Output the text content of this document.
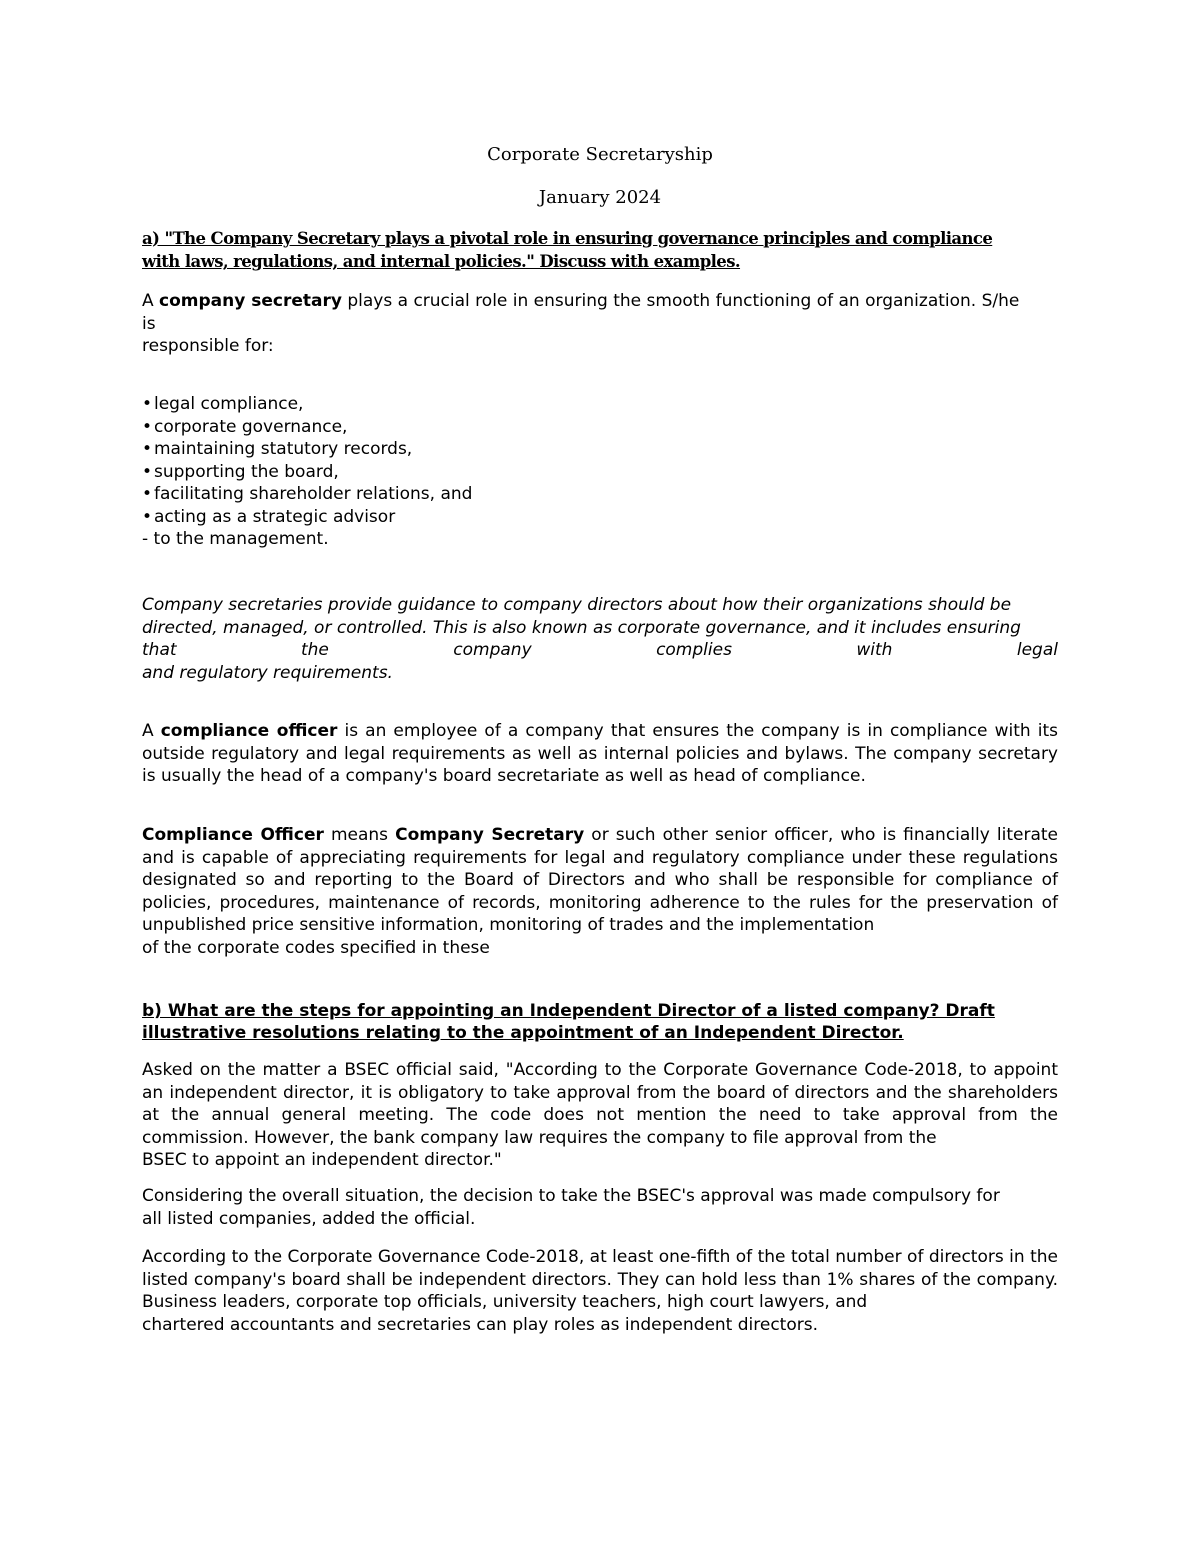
Corporate Secretaryship
January 2024
a) "The Company Secretary plays a pivotal role in ensuring governance principles and compliance
with laws, regulations, and internal policies." Discuss with examples.
A company secretary plays a crucial role in ensuring the smooth functioning of an organization. S/he
is
responsible for:
• legal compliance,
• corporate governance,
• maintaining statutory records,
• supporting the board,
• facilitating shareholder relations, and
• acting as a strategic advisor
- to the management.
Company secretaries provide guidance to company directors about how their organizations should be
directed, managed, or controlled. This is also known as corporate governance, and it includes ensuring
that	the	company	complies	with	legal
and regulatory requirements.
A compliance officer is an employee of a company that ensures the company is in compliance with its outside regulatory and legal requirements as well as internal policies and bylaws. The company secretary is usually the head of a company's board secretariate as well as head of compliance.
Compliance Officer means Company Secretary or such other senior officer, who is financially literate and is capable of appreciating requirements for legal and regulatory compliance under these regulations designated so and reporting to the Board of Directors and who shall be responsible for compliance of policies, procedures, maintenance of records, monitoring adherence to the rules for the preservation of unpublished price sensitive information, monitoring of trades and the implementation
of the corporate codes specified in these
b) What are the steps for appointing an Independent Director of a listed company? Draft
illustrative resolutions relating to the appointment of an Independent Director.
Asked on the matter a BSEC official said, "According to the Corporate Governance Code-2018, to appoint an independent director, it is obligatory to take approval from the board of directors and the shareholders at the annual general meeting. The code does not mention the need to take approval from the commission. However, the bank company law requires the company to file approval from the
BSEC to appoint an independent director."
Considering the overall situation, the decision to take the BSEC's approval was made compulsory for
all listed companies, added the official.
According to the Corporate Governance Code-2018, at least one-fifth of the total number of directors in the listed company's board shall be independent directors. They can hold less than 1% shares of the company. Business leaders, corporate top officials, university teachers, high court lawyers, and
chartered accountants and secretaries can play roles as independent directors.
